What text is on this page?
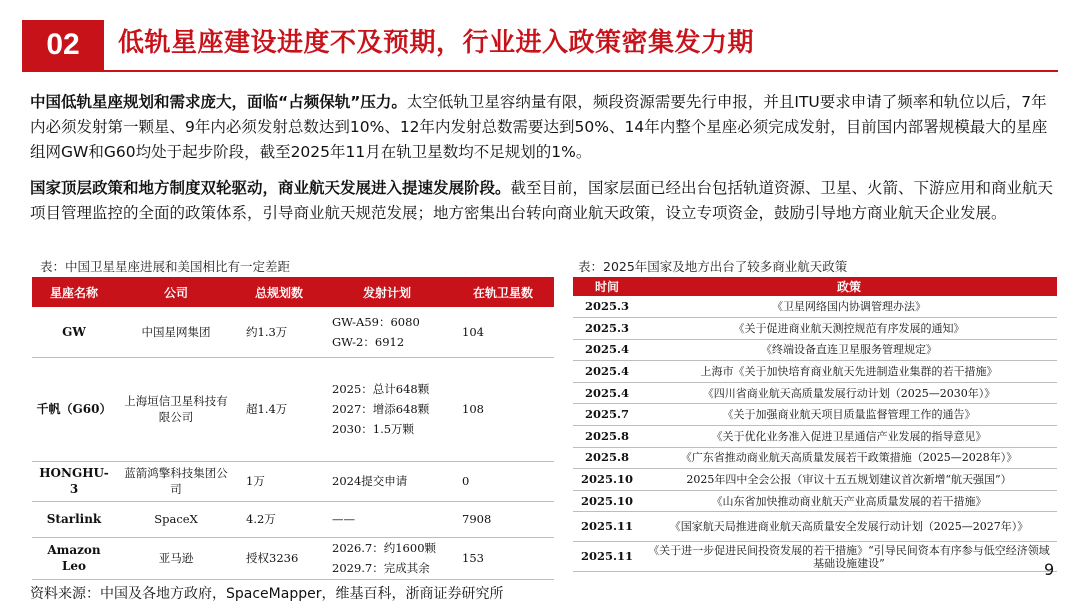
02	低轨星座建设进度不及预期，行业进入政策密集发力期
中国低轨星座规划和需求庞大，面临“占频保轨”压力。太空低轨卫星容纳量有限，频段资源需要先行申报，并且ITU要求申请了频率和轨位以后，7年内必须发射第一颗星、9年内必须发射总数达到10%、12年内发射总数需要达到50%、14年内整个星座必须完成发射，目前国内部署规模最大的星座组网GW和G60均处于起步阶段，截至2025年11月在轨卫星数均不足规划的1%。
国家顶层政策和地方制度双轮驱动，商业航天发展进入提速发展阶段。截至目前，国家层面已经出台包括轨道资源、卫星、火箭、下游应用和商业航天项目管理监控的全面的政策体系，引导商业航天规范发展；地方密集出台转向商业航天政策，设立专项资金，鼓励引导地方商业航天企业发展。
表：中国卫星星座进展和美国相比有一定差距	表：2025年国家及地方出台了较多商业航天政策
星座名称	公司	总规划数	发射计划	在轨卫星数
GW	中国星网集团	约1.3万	GW-A59：6080
GW-2：6912	104
千帆（G60）	上海垣信卫星科技有限公司	超1.4万	2025：总计648颗
2027：增添648颗
2030：1.5万颗	108
HONGHU-3	蓝箭鸿擎科技集团公司	1万	2024提交申请	0
Starlink	SpaceX	4.2万	——	7908
Amazon Leo	亚马逊	授权3236	2026.7：约1600颗
2029.7：完成其余	153
时间	政策
2025.3	《卫星网络国内协调管理办法》
2025.3	《关于促进商业航天测控规范有序发展的通知》
2025.4	《终端设备直连卫星服务管理规定》
2025.4	上海市《关于加快培育商业航天先进制造业集群的若干措施》
2025.4	《四川省商业航天高质量发展行动计划（2025—2030年）》
2025.7	《关于加强商业航天项目质量监督管理工作的通告》
2025.8	《关于优化业务准入促进卫星通信产业发展的指导意见》
2025.8	《广东省推动商业航天高质量发展若干政策措施（2025—2028年）》
2025.10	2025年四中全会公报（审议十五五规划建议首次新增“航天强国”）
2025.10	《山东省加快推动商业航天产业高质量发展的若干措施》
2025.11	《国家航天局推进商业航天高质量安全发展行动计划（2025—2027年）》
2025.11	《关于进一步促进民间投资发展的若干措施》“引导民间资本有序参与低空经济领域基础设施建设”
资料来源：中国及各地方政府，SpaceMapper，维基百科，浙商证券研究所
9
